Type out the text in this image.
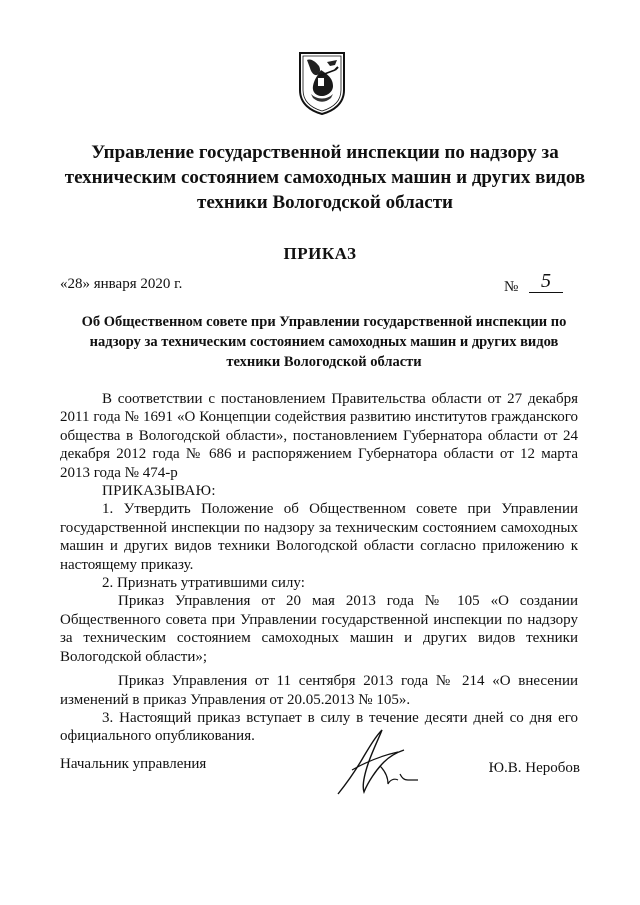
Управление государственной инспекции по надзору за техническим состоянием самоходных машин и других видов техники Вологодской области
ПРИКАЗ
«28» января 2020 г.	№	5
Об Общественном совете при Управлении государственной инспекции по надзору за техническим состоянием самоходных машин и других видов техники Вологодской области

В соответствии с постановлением Правительства области от 27 декабря 2011 года № 1691 «О Концепции содействия развитию институтов гражданского общества в Вологодской области», постановлением Губернатора области от 24 декабря 2012 года № 686 и распоряжением Губернатора области от 12 марта 2013 года № 474-р

ПРИКАЗЫВАЮ:

1. Утвердить Положение об Общественном совете при Управлении государственной инспекции по надзору за техническим состоянием самоходных машин и других видов техники Вологодской области согласно приложению к настоящему приказу.

2. Признать утратившими силу:

Приказ Управления от 20 мая 2013 года № 105 «О создании Общественного совета при Управлении государственной инспекции по надзору за техническим состоянием самоходных машин и других видов техники Вологодской области»;

Приказ Управления от 11 сентября 2013 года № 214 «О внесении изменений в приказ Управления от 20.05.2013 № 105».

3. Настоящий приказ вступает в силу в течение десяти дней со дня его официального опубликования.

Начальник управления	Ю.В. Неробов
